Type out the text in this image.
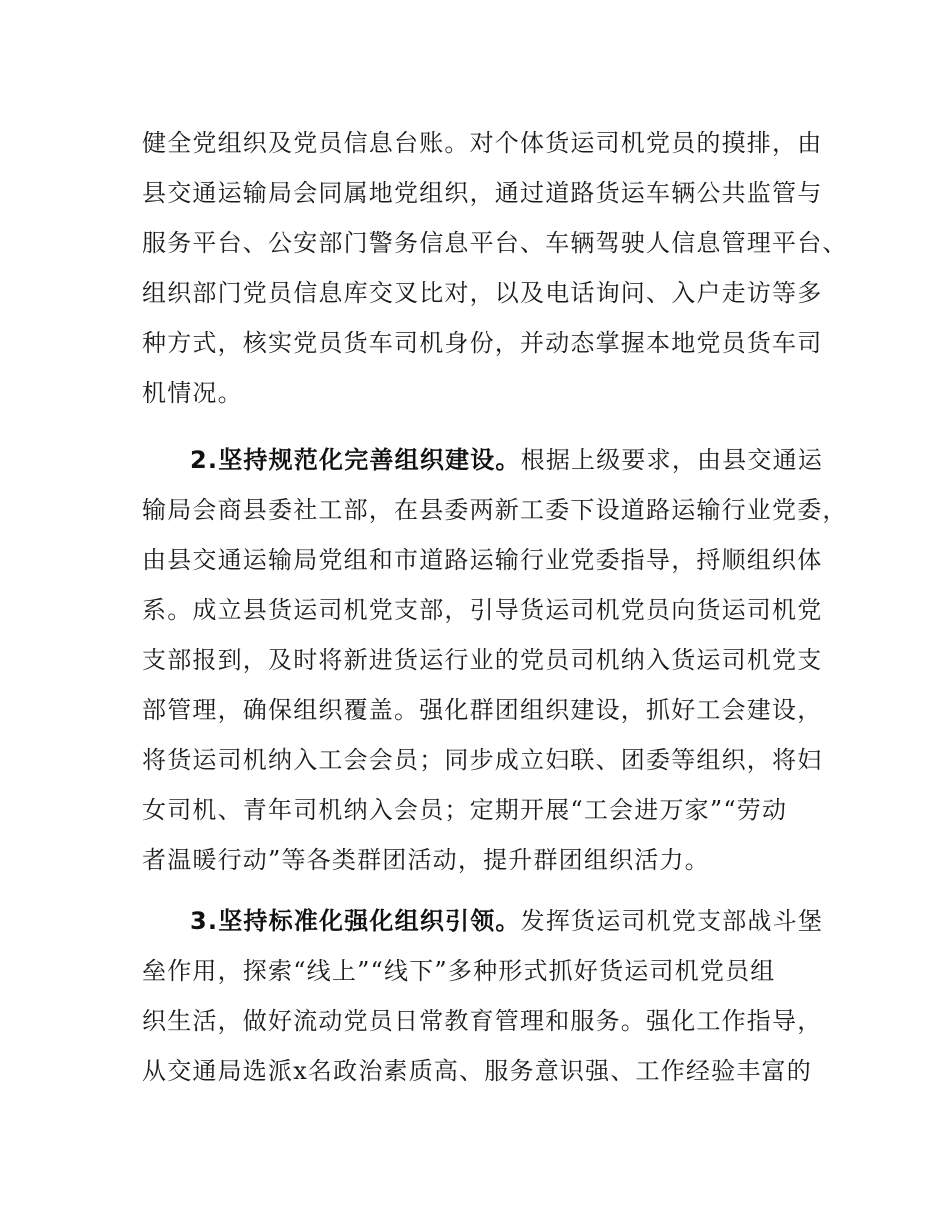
健全党组织及党员信息台账。对个体货运司机党员的摸排，由
县交通运输局会同属地党组织，通过道路货运车辆公共监管与
服务平台、公安部门警务信息平台、车辆驾驶人信息管理平台、
组织部门党员信息库交叉比对，以及电话询问、入户走访等多
种方式，核实党员货车司机身份，并动态掌握本地党员货车司
机情况。
2.坚持规范化完善组织建设。根据上级要求，由县交通运
输局会商县委社工部，在县委两新工委下设道路运输行业党委，
由县交通运输局党组和市道路运输行业党委指导，捋顺组织体
系。成立县货运司机党支部，引导货运司机党员向货运司机党
支部报到，及时将新进货运行业的党员司机纳入货运司机党支
部管理，确保组织覆盖。强化群团组织建设，抓好工会建设，
将货运司机纳入工会会员；同步成立妇联、团委等组织，将妇
女司机、青年司机纳入会员；定期开展“工会进万家”“劳动
者温暖行动”等各类群团活动，提升群团组织活力。
3.坚持标准化强化组织引领。发挥货运司机党支部战斗堡
垒作用，探索“线上”“线下”多种形式抓好货运司机党员组
织生活，做好流动党员日常教育管理和服务。强化工作指导，
从交通局选派x名政治素质高、服务意识强、工作经验丰富的
